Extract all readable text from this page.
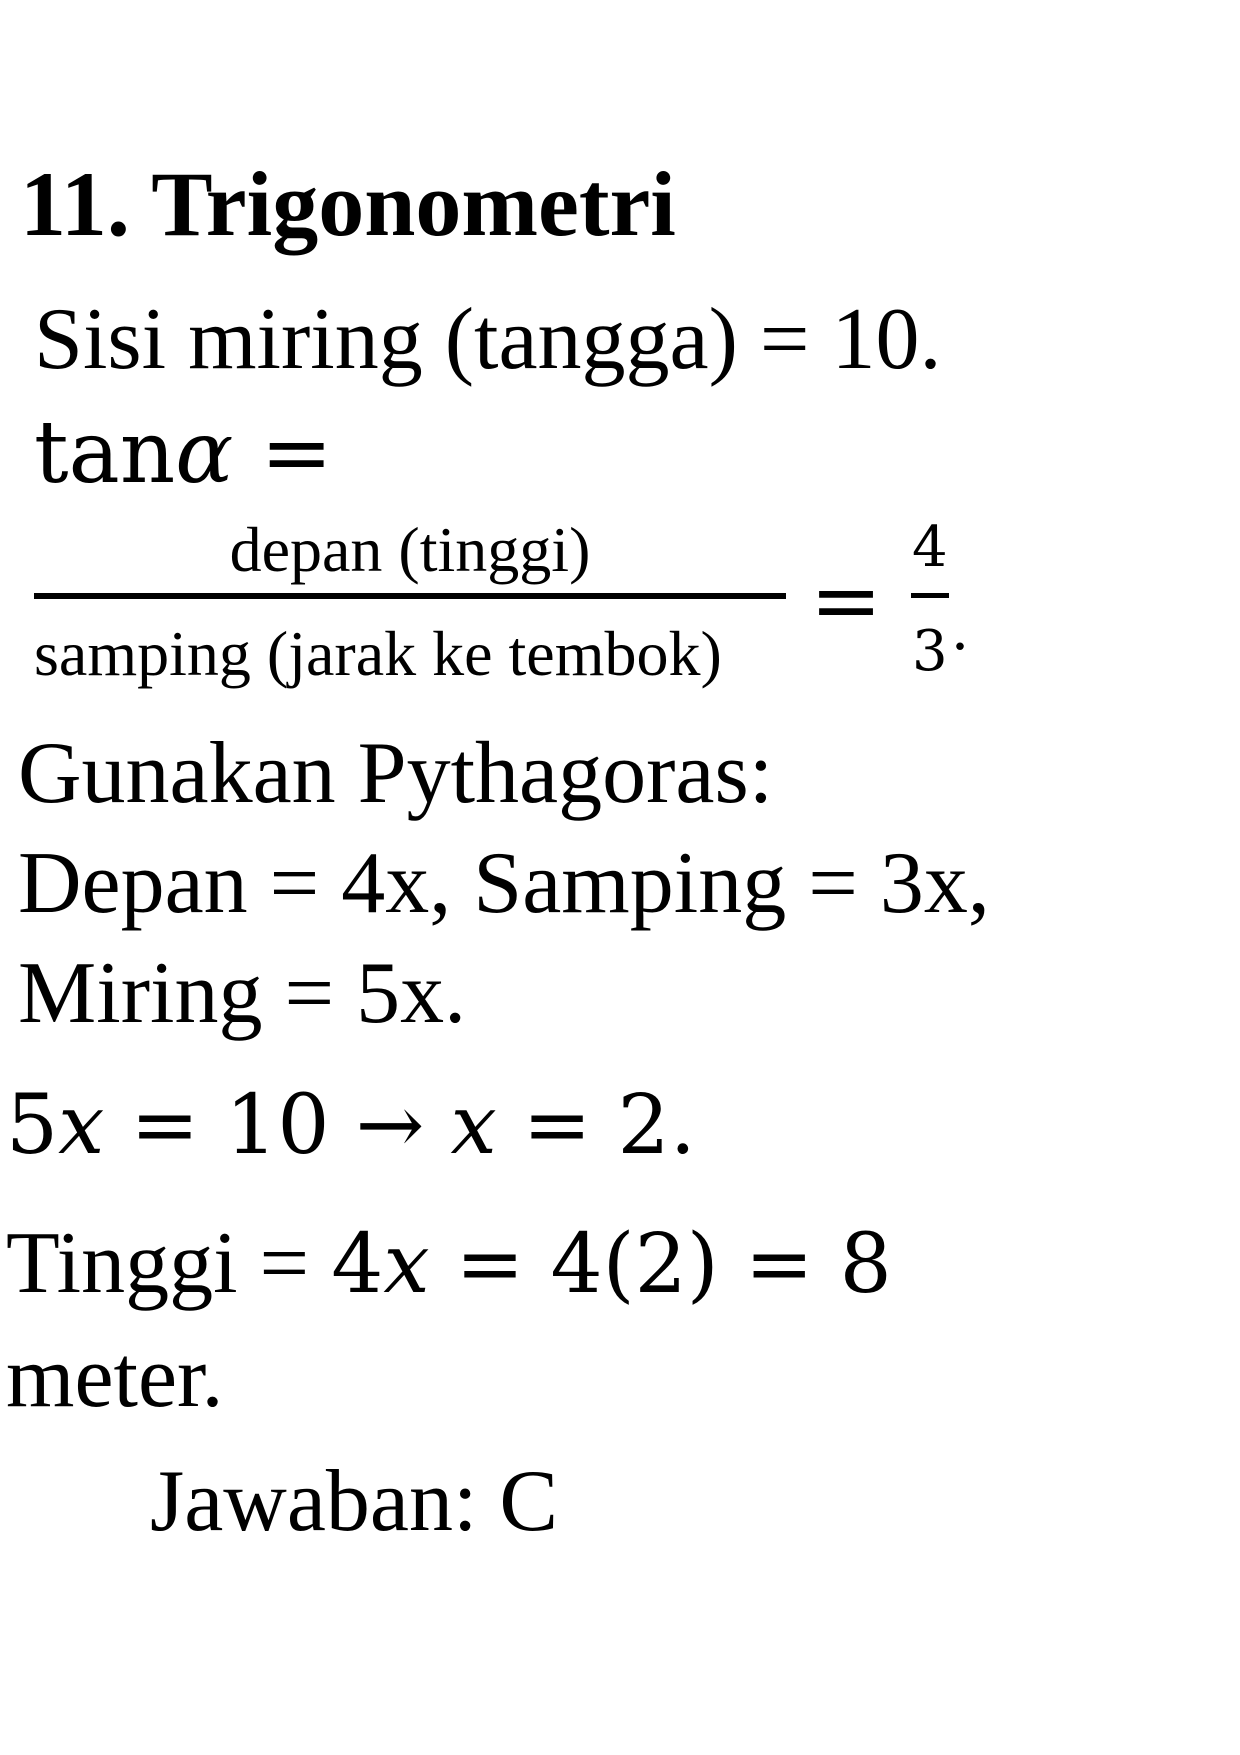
11. Trigonometri
Sisi miring (tangga) = 10.
tanα =
depan (tinggi)
samping (jarak ke tembok)
=
4
3 .
Gunakan Pythagoras:
Depan = 4x, Samping = 3x,
Miring = 5x.
5x = 10 → x = 2.
Tinggi = 4x = 4(2) = 8
meter.
Jawaban: C
